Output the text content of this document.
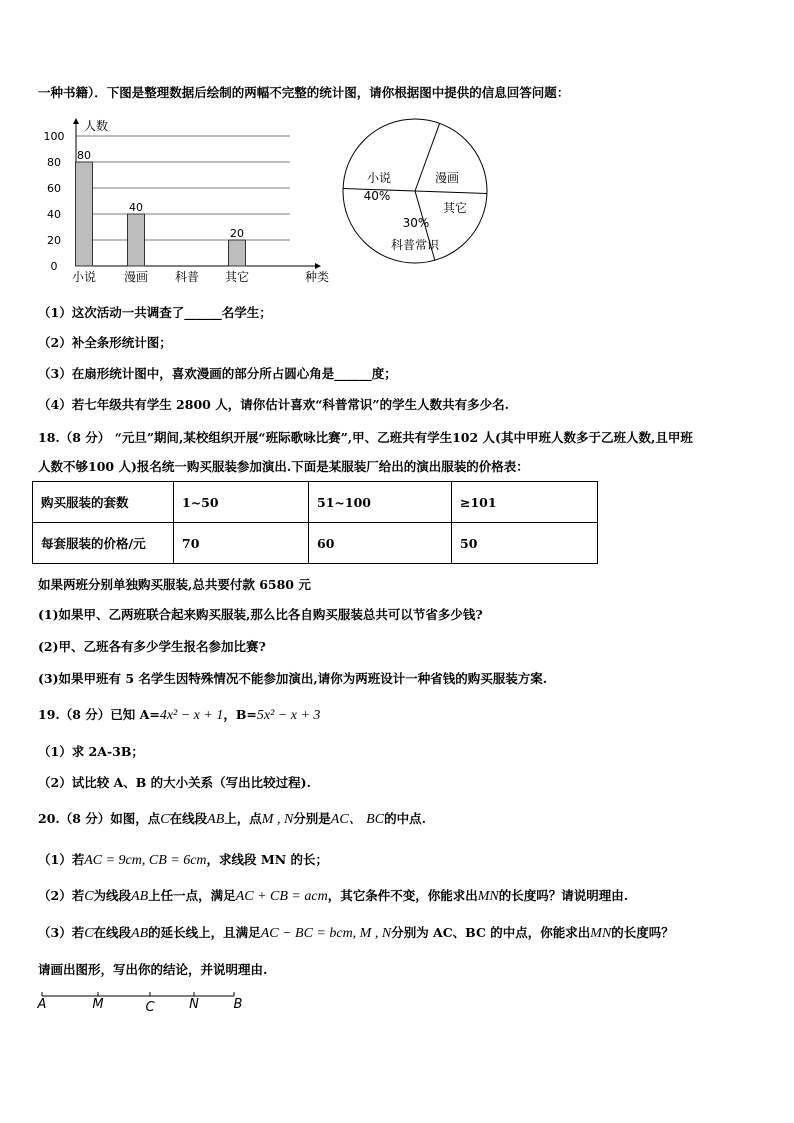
一种书籍）．下图是整理数据后绘制的两幅不完整的统计图，请你根据图中提供的信息回答问题：
0
20
40
60
80
100
人数
种类
小说
80
漫画
40
科普 其它
20
小说
40%
漫画
其它
科普常识
30%
（1）这次活动一共调查了______名学生；
（2）补全条形统计图；
（3）在扇形统计图中，喜欢漫画的部分所占圆心角是______度；
（4）若七年级共有学生 2800 人，请你估计喜欢“科普常识”的学生人数共有多少名.
18.（8 分） “元旦”期间,某校组织开展“班际歌咏比赛”,甲、乙班共有学生102 人(其中甲班人数多于乙班人数,且甲班
人数不够100 人)报名统一购买服装参加演出.下面是某服装厂给出的演出服装的价格表：
购买服装的套数	1~50	51~100	≥101
每套服装的价格/元	70	60	50
如果两班分别单独购买服装,总共要付款 6580 元
(1)如果甲、乙两班联合起来购买服装,那么比各自购买服装总共可以节省多少钱?
(2)甲、乙班各有多少学生报名参加比赛?
(3)如果甲班有 5 名学生因特殊情况不能参加演出,请你为两班设计一种省钱的购买服装方案.
19.（8 分）已知 A=4x² − x + 1，B=5x² − x + 3
（1）求 2A-3B；
（2）试比较 A、B 的大小关系（写出比较过程).
20.（8 分）如图，点C在线段AB上，点M , N分别是AC、 BC的中点.
（1）若AC = 9cm, CB = 6cm，求线段 MN 的长；
（2）若C为线段AB上任一点，满足AC + CB = acm，其它条件不变，你能求出MN的长度吗？请说明理由.
（3）若C在线段AB的延长线上，且满足AC − BC = bcm, M , N分别为 AC、BC 的中点，你能求出MN的长度吗？
请画出图形，写出你的结论，并说明理由.
A	M	C	N	B
